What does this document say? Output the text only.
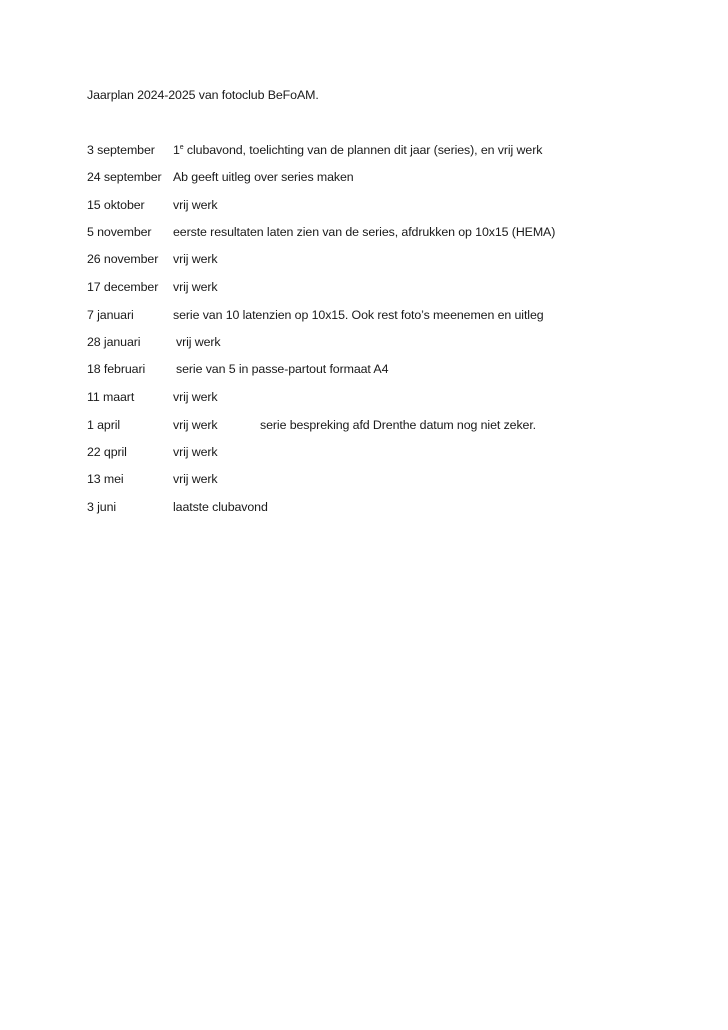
Jaarplan 2024-2025 van fotoclub BeFoAM.
3 september 1e clubavond, toelichting van de plannen dit jaar (series), en vrij werk
24 september Ab geeft uitleg over series maken
15 oktober vrij werk
5 november eerste resultaten laten zien van de series, afdrukken op 10x15 (HEMA)
26 november vrij werk
17 december vrij werk
7 januari	serie van 10 latenzien op 10x15. Ook rest foto’s meenemen en uitleg
28 januari	vrij werk
18 februari serie van 5 in passe-partout formaat A4
11 maart	vrij werk
1 april	vrij werk	serie bespreking afd Drenthe datum nog niet zeker.
22 qpril	vrij werk
13 mei	vrij werk
3 juni	laatste clubavond
